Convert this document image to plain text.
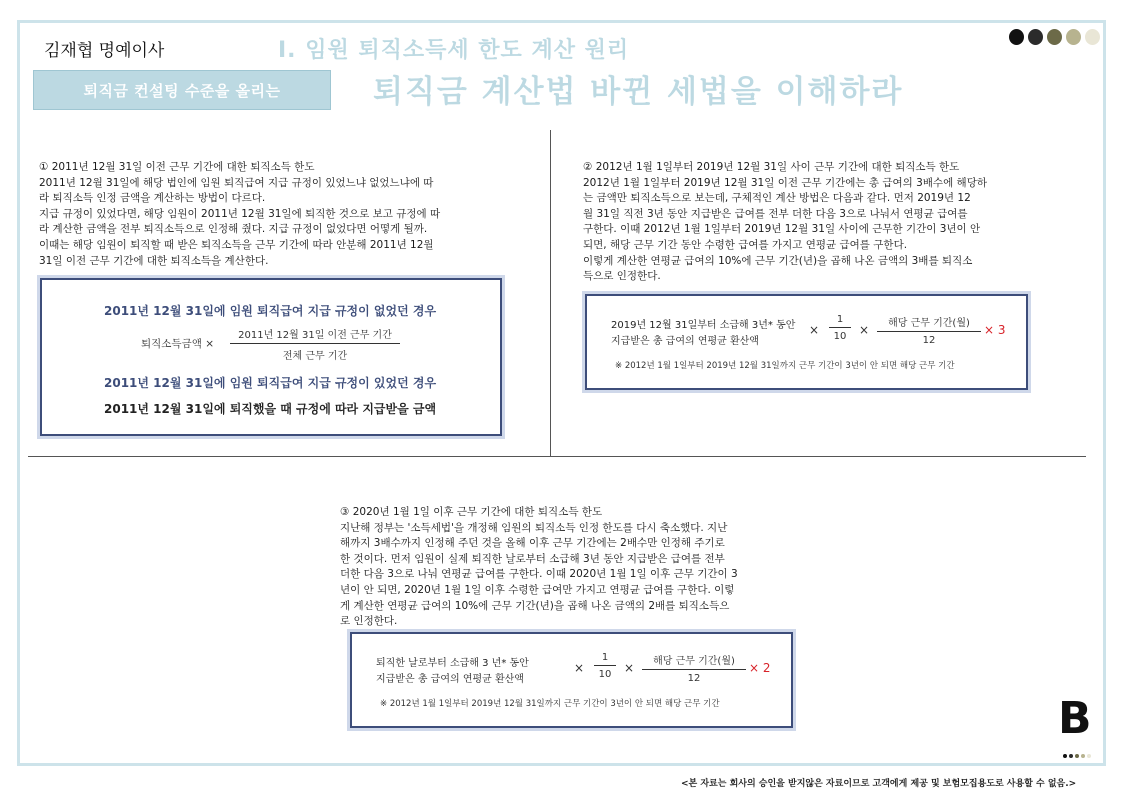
김재협 명예이사
퇴직금 컨설팅 수준을 올리는
Ⅰ. 임원 퇴직소득세 한도 계산 원리
퇴직금 계산법 바뀐 세법을 이해하라

① 2011년 12월 31일 이전 근무 기간에 대한 퇴직소득 한도

2011년 12월 31일에 해당 법인에 임원 퇴직급여 지급 규정이 있었느냐 없었느냐에 따
라 퇴직소득 인정 금액을 계산하는 방법이 다르다.
지급 규정이 있었다면, 해당 임원이 2011년 12월 31일에 퇴직한 것으로 보고 규정에 따
라 계산한 금액을 전부 퇴직소득으로 인정해 줬다. 지급 규정이 없었다면 어떻게 될까.
이때는 해당 임원이 퇴직할 때 받은 퇴직소득을 근무 기간에 따라 안분해 2011년 12월
31일 이전 근무 기간에 대한 퇴직소득을 계산한다.

2011년 12월 31일에 임원 퇴직급여 지급 규정이 없었던 경우
퇴직소득금액 ×
2011년 12월 31일 이전 근무 기간
전체 근무 기간
2011년 12월 31일에 임원 퇴직급여 지급 규정이 있었던 경우
2011년 12월 31일에 퇴직했을 때 규정에 따라 지급받을 금액

② 2012년 1월 1일부터 2019년 12월 31일 사이 근무 기간에 대한 퇴직소득 한도

2012년 1월 1일부터 2019년 12월 31일 이전 근무 기간에는 총 급여의 3배수에 해당하
는 금액만 퇴직소득으로 보는데, 구체적인 계산 방법은 다음과 같다. 먼저 2019년 12
월 31일 직전 3년 동안 지급받은 급여를 전부 더한 다음 3으로 나눠서 연평균 급여를
구한다. 이때 2012년 1월 1일부터 2019년 12월 31일 사이에 근무한 기간이 3년이 안
되면, 해당 근무 기간 동안 수령한 급여를 가지고 연평균 급여를 구한다.
이렇게 계산한 연평균 급여의 10%에 근무 기간(년)을 곱해 나온 금액의 3배를 퇴직소
득으로 인정한다.

2019년 12월 31일부터 소급해 3년* 동안
지급받은 총 급여의 연평균 환산액
× $\frac{1}{10}$ ×	해당 근무 기간(월)
12
× 3
※ 2012년 1월 1일부터 2019년 12월 31일까지 근무 기간이 3년이 안 되면 해당 근무 기간

③ 2020년 1월 1일 이후 근무 기간에 대한 퇴직소득 한도

지난해 정부는 '소득세법'을 개정해 임원의 퇴직소득 인정 한도를 다시 축소했다. 지난
해까지 3배수까지 인정해 주던 것을 올해 이후 근무 기간에는 2배수만 인정해 주기로
한 것이다. 먼저 임원이 실제 퇴직한 날로부터 소급해 3년 동안 지급받은 급여를 전부
더한 다음 3으로 나눠 연평균 급여를 구한다. 이때 2020년 1월 1일 이후 근무 기간이 3
년이 안 되면, 2020년 1월 1일 이후 수령한 급여만 가지고 연평균 급여를 구한다. 이렇
게 계산한 연평균 급여의 10%에 근무 기간(년)을 곱해 나온 금액의 2배를 퇴직소득으
로 인정한다.

퇴직한 날로부터 소급해 3 년* 동안
지급받은 총 급여의 연평균 환산액
× $\frac{1}{10}$ ×	해당 근무 기간(월)
12
× 2
※ 2012년 1월 1일부터 2019년 12월 31일까지 근무 기간이 3년이 안 되면 해당 근무 기간	B
<본 자료는 회사의 승인을 받지않은 자료이므로 고객에게 제공 및 보험모집용도로 사용할 수 없음.>
